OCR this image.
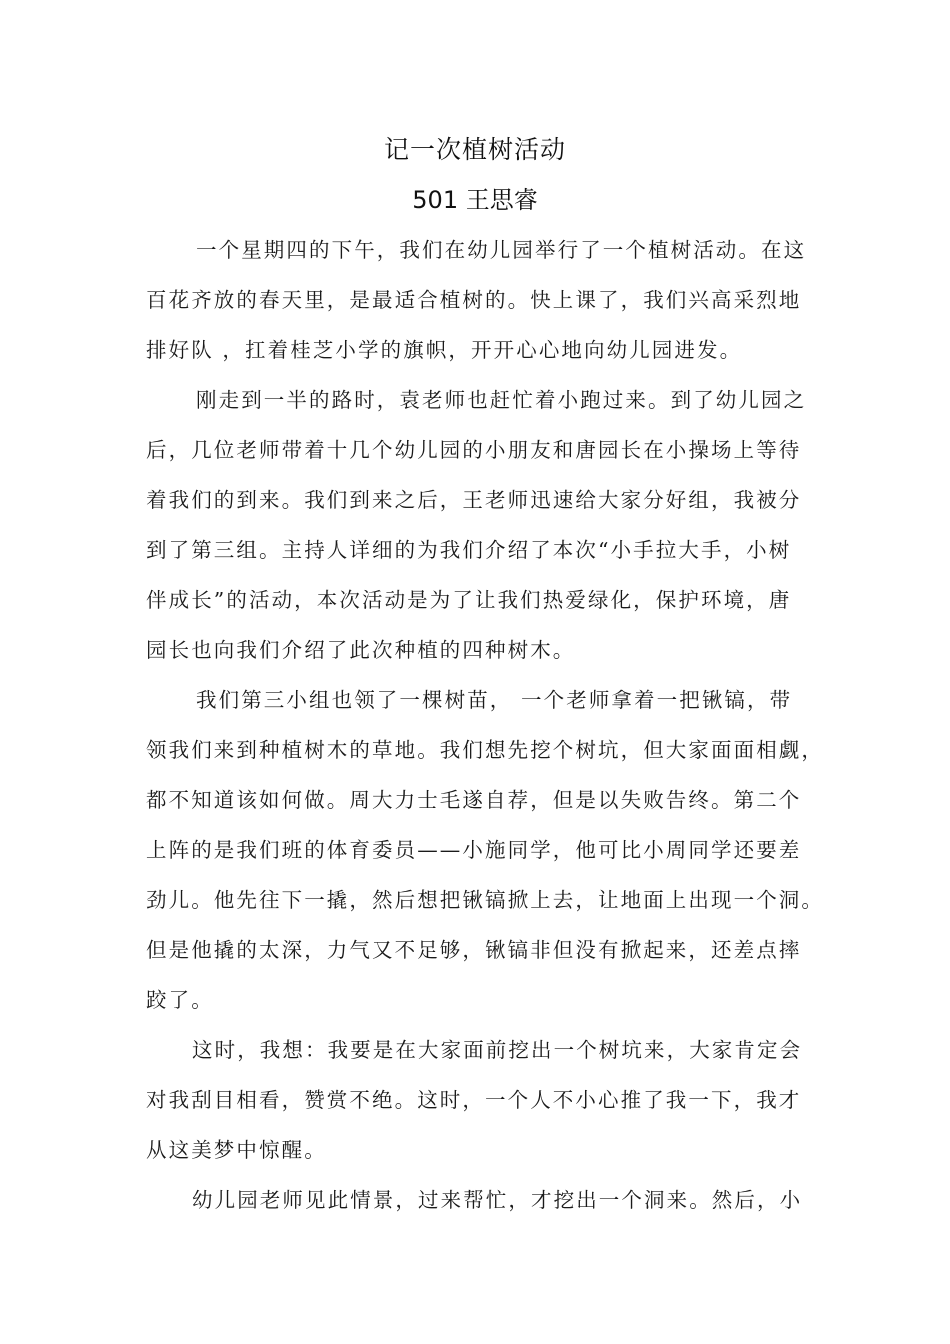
记一次植树活动
501 王思睿
一个星期四的下午，我们在幼儿园举行了一个植树活动。在这
百花齐放的春天里，是最适合植树的。快上课了，我们兴高采烈地
排好队 ，扛着桂芝小学的旗帜，开开心心地向幼儿园进发。
刚走到一半的路时，袁老师也赶忙着小跑过来。到了幼儿园之
后，几位老师带着十几个幼儿园的小朋友和唐园长在小操场上等待
着我们的到来。我们到来之后，王老师迅速给大家分好组，我被分
到了第三组。主持人详细的为我们介绍了本次“小手拉大手，小树
伴成长”的活动，本次活动是为了让我们热爱绿化，保护环境，唐
园长也向我们介绍了此次种植的四种树木。
我们第三小组也领了一棵树苗， 一个老师拿着一把锹镐，带
领我们来到种植树木的草地。我们想先挖个树坑，但大家面面相觑，
都不知道该如何做。周大力士毛遂自荐，但是以失败告终。第二个
上阵的是我们班的体育委员——小施同学，他可比小周同学还要差
劲儿。他先往下一撬，然后想把锹镐掀上去，让地面上出现一个洞。
但是他撬的太深，力气又不足够，锹镐非但没有掀起来，还差点摔
跤了。
这时，我想：我要是在大家面前挖出一个树坑来，大家肯定会
对我刮目相看，赞赏不绝。这时，一个人不小心推了我一下，我才
从这美梦中惊醒。
幼儿园老师见此情景，过来帮忙，才挖出一个洞来。然后，小
